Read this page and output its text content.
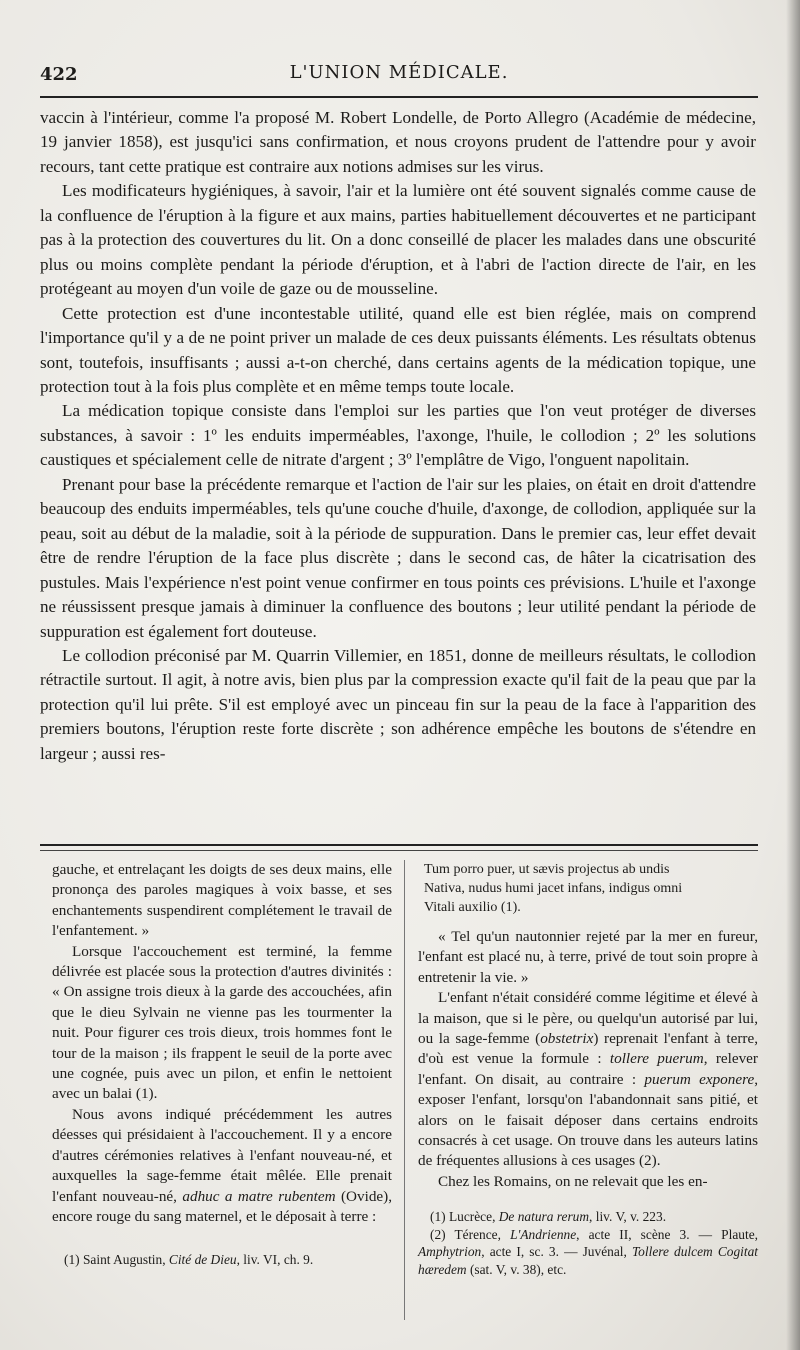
422	L'UNION MÉDICALE.

vaccin à l'intérieur, comme l'a proposé M. Robert Londelle, de Porto Allegro (Académie de médecine, 19 janvier 1858), est jusqu'ici sans confirmation, et nous croyons prudent de l'attendre pour y avoir recours, tant cette pratique est contraire aux notions admises sur les virus.

Les modificateurs hygiéniques, à savoir, l'air et la lumière ont été souvent signalés comme cause de la confluence de l'éruption à la figure et aux mains, parties habituellement découvertes et ne participant pas à la protection des couvertures du lit. On a donc conseillé de placer les malades dans une obscurité plus ou moins complète pendant la période d'éruption, et à l'abri de l'action directe de l'air, en les protégeant au moyen d'un voile de gaze ou de mousseline.

Cette protection est d'une incontestable utilité, quand elle est bien réglée, mais on comprend l'importance qu'il y a de ne point priver un malade de ces deux puissants éléments. Les résultats obtenus sont, toutefois, insuffisants ; aussi a-t-on cherché, dans certains agents de la médication topique, une protection tout à la fois plus complète et en même temps toute locale.

La médication topique consiste dans l'emploi sur les parties que l'on veut protéger de diverses substances, à savoir : 1º les enduits imperméables, l'axonge, l'huile, le collodion ; 2º les solutions caustiques et spécialement celle de nitrate d'argent ; 3º l'emplâtre de Vigo, l'onguent napolitain.

Prenant pour base la précédente remarque et l'action de l'air sur les plaies, on était en droit d'attendre beaucoup des enduits imperméables, tels qu'une couche d'huile, d'axonge, de collodion, appliquée sur la peau, soit au début de la maladie, soit à la période de suppuration. Dans le premier cas, leur effet devait être de rendre l'éruption de la face plus discrète ; dans le second cas, de hâter la cicatrisation des pustules. Mais l'expérience n'est point venue confirmer en tous points ces prévisions. L'huile et l'axonge ne réussissent presque jamais à diminuer la confluence des boutons ; leur utilité pendant la période de suppuration est également fort douteuse.

Le collodion préconisé par M. Quarrin Villemier, en 1851, donne de meilleurs résultats, le collodion rétractile surtout. Il agit, à notre avis, bien plus par la compression exacte qu'il fait de la peau que par la protection qu'il lui prête. S'il est employé avec un pinceau fin sur la peau de la face à l'apparition des premiers boutons, l'éruption reste forte discrète ; son adhérence empêche les boutons de s'étendre en largeur ; aussi res-

gauche, et entrelaçant les doigts de ses deux mains, elle prononça des paroles magiques à voix basse, et ses enchantements suspendirent complétement le travail de l'enfantement. »

Lorsque l'accouchement est terminé, la femme délivrée est placée sous la protection d'autres divinités : « On assigne trois dieux à la garde des accouchées, afin que le dieu Sylvain ne vienne pas les tourmenter la nuit. Pour figurer ces trois dieux, trois hommes font le tour de la maison ; ils frappent le seuil de la porte avec une cognée, puis avec un pilon, et enfin le nettoient avec un balai (1).

Nous avons indiqué précédemment les autres déesses qui présidaient à l'accouchement. Il y a encore d'autres cérémonies relatives à l'enfant nouveau-né, et auxquelles la sage-femme était mêlée. Elle prenait l'enfant nouveau-né, adhuc a matre rubentem (Ovide), encore rouge du sang maternel, et le déposait à terre :

(1) Saint Augustin, Cité de Dieu, liv. VI, ch. 9.

Tum porro puer, ut sævis projectus ab undis
Nativa, nudus humi jacet infans, indigus omni
Vitali auxilio (1).

« Tel qu'un nautonnier rejeté par la mer en fureur, l'enfant est placé nu, à terre, privé de tout soin propre à entretenir la vie. »

L'enfant n'était considéré comme légitime et élevé à la maison, que si le père, ou quelqu'un autorisé par lui, ou la sage-femme (obstetrix) reprenait l'enfant à terre, d'où est venue la formule : tollere puerum, relever l'enfant. On disait, au contraire : puerum exponere, exposer l'enfant, lorsqu'on l'abandonnait sans pitié, et alors on le faisait déposer dans certains endroits consacrés à cet usage. On trouve dans les auteurs latins de fréquentes allusions à ces usages (2).

Chez les Romains, on ne relevait que les en-

(1) Lucrèce, De natura rerum, liv. V, v. 223.

(2) Térence, L'Andrienne, acte II, scène 3. — Plaute, Amphytrion, acte I, sc. 3. — Juvénal, Tollere dulcem Cogitat hæredem (sat. V, v. 38), etc.
